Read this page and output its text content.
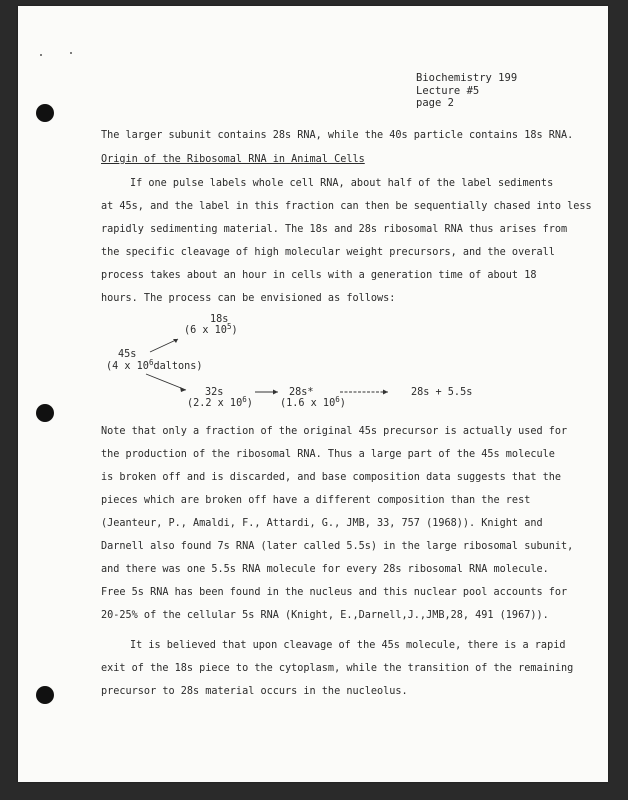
Biochemistry 199
Lecture #5
page 2
The larger subunit contains 28s RNA, while the 40s particle contains 18s RNA.
Origin of the Ribosomal RNA in Animal Cells
If one pulse labels whole cell RNA, about half of the label sediments
at 45s, and the label in this fraction can then be sequentially chased into less
rapidly sedimenting material. The 18s and 28s ribosomal RNA thus arises from
the specific cleavage of high molecular weight precursors, and the overall
process takes about an hour in cells with a generation time of about 18
hours. The process can be envisioned as follows:
Note that only a fraction of the original 45s precursor is actually used for
the production of the ribosomal RNA. Thus a large part of the 45s molecule
is broken off and is discarded, and base composition data suggests that the
pieces which are broken off have a different composition than the rest
(Jeanteur, P., Amaldi, F., Attardi, G., JMB, 33, 757 (1968)). Knight and
Darnell also found 7s RNA (later called 5.5s) in the large ribosomal subunit,
and there was one 5.5s RNA molecule for every 28s ribosomal RNA molecule.
Free 5s RNA has been found in the nucleus and this nuclear pool accounts for
20-25% of the cellular 5s RNA (Knight, E.,Darnell,J.,JMB,28, 491 (1967)).
It is believed that upon cleavage of the 45s molecule, there is a rapid
exit of the 18s piece to the cytoplasm, while the transition of the remaining
precursor to 28s material occurs in the nucleolus.
18s
(6 x $10^5$)
45s
(4 x $10^6daltons$)
32s
(2.2 x $10^6$)
28s*
(1.6 x $10^6$)
28s + 5.5s
